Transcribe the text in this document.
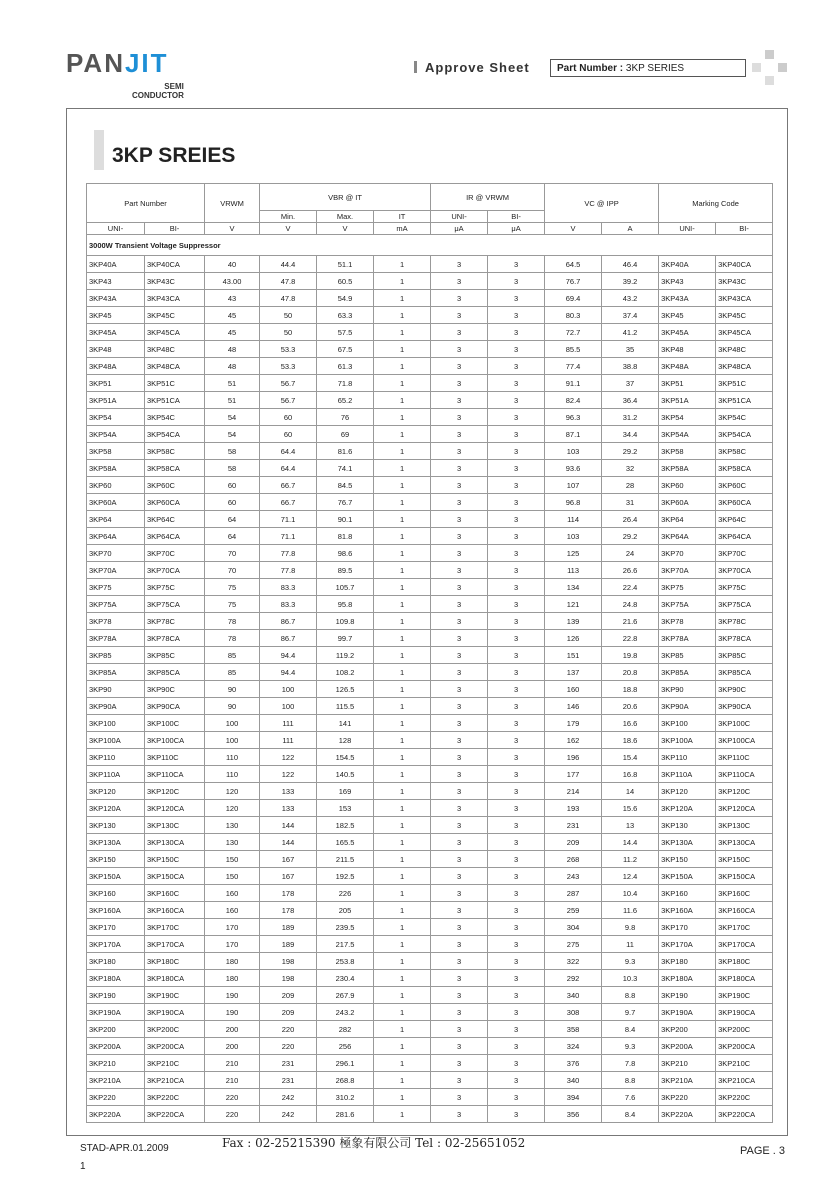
PANJIT
SEMI
CONDUCTOR
Approve Sheet	Part Number : 3KP SERIES
3KP SREIES
Part Number		VRWM	VBR @ IT			IR @ VRWM		VC @ IPP		Marking Code	
			Min.	Max.	IT	UNI-	BI-				
UNI-	BI-	V	V	V	mA	μA	μA	V	A	UNI-	BI-
3000W Transient Voltage Suppressor											
3KP40A	3KP40CA	40	44.4	51.1	1	3	3	64.5	46.4	3KP40A	3KP40CA
3KP43	3KP43C	43.00	47.8	60.5	1	3	3	76.7	39.2	3KP43	3KP43C
3KP43A	3KP43CA	43	47.8	54.9	1	3	3	69.4	43.2	3KP43A	3KP43CA
3KP45	3KP45C	45	50	63.3	1	3	3	80.3	37.4	3KP45	3KP45C
3KP45A	3KP45CA	45	50	57.5	1	3	3	72.7	41.2	3KP45A	3KP45CA
3KP48	3KP48C	48	53.3	67.5	1	3	3	85.5	35	3KP48	3KP48C
3KP48A	3KP48CA	48	53.3	61.3	1	3	3	77.4	38.8	3KP48A	3KP48CA
3KP51	3KP51C	51	56.7	71.8	1	3	3	91.1	37	3KP51	3KP51C
3KP51A	3KP51CA	51	56.7	65.2	1	3	3	82.4	36.4	3KP51A	3KP51CA
3KP54	3KP54C	54	60	76	1	3	3	96.3	31.2	3KP54	3KP54C
3KP54A	3KP54CA	54	60	69	1	3	3	87.1	34.4	3KP54A	3KP54CA
3KP58	3KP58C	58	64.4	81.6	1	3	3	103	29.2	3KP58	3KP58C
3KP58A	3KP58CA	58	64.4	74.1	1	3	3	93.6	32	3KP58A	3KP58CA
3KP60	3KP60C	60	66.7	84.5	1	3	3	107	28	3KP60	3KP60C
3KP60A	3KP60CA	60	66.7	76.7	1	3	3	96.8	31	3KP60A	3KP60CA
3KP64	3KP64C	64	71.1	90.1	1	3	3	114	26.4	3KP64	3KP64C
3KP64A	3KP64CA	64	71.1	81.8	1	3	3	103	29.2	3KP64A	3KP64CA
3KP70	3KP70C	70	77.8	98.6	1	3	3	125	24	3KP70	3KP70C
3KP70A	3KP70CA	70	77.8	89.5	1	3	3	113	26.6	3KP70A	3KP70CA
3KP75	3KP75C	75	83.3	105.7	1	3	3	134	22.4	3KP75	3KP75C
3KP75A	3KP75CA	75	83.3	95.8	1	3	3	121	24.8	3KP75A	3KP75CA
3KP78	3KP78C	78	86.7	109.8	1	3	3	139	21.6	3KP78	3KP78C
3KP78A	3KP78CA	78	86.7	99.7	1	3	3	126	22.8	3KP78A	3KP78CA
3KP85	3KP85C	85	94.4	119.2	1	3	3	151	19.8	3KP85	3KP85C
3KP85A	3KP85CA	85	94.4	108.2	1	3	3	137	20.8	3KP85A	3KP85CA
3KP90	3KP90C	90	100	126.5	1	3	3	160	18.8	3KP90	3KP90C
3KP90A	3KP90CA	90	100	115.5	1	3	3	146	20.6	3KP90A	3KP90CA
3KP100	3KP100C	100	111	141	1	3	3	179	16.6	3KP100	3KP100C
3KP100A	3KP100CA	100	111	128	1	3	3	162	18.6	3KP100A	3KP100CA
3KP110	3KP110C	110	122	154.5	1	3	3	196	15.4	3KP110	3KP110C
3KP110A	3KP110CA	110	122	140.5	1	3	3	177	16.8	3KP110A	3KP110CA
3KP120	3KP120C	120	133	169	1	3	3	214	14	3KP120	3KP120C
3KP120A	3KP120CA	120	133	153	1	3	3	193	15.6	3KP120A	3KP120CA
3KP130	3KP130C	130	144	182.5	1	3	3	231	13	3KP130	3KP130C
3KP130A	3KP130CA	130	144	165.5	1	3	3	209	14.4	3KP130A	3KP130CA
3KP150	3KP150C	150	167	211.5	1	3	3	268	11.2	3KP150	3KP150C
3KP150A	3KP150CA	150	167	192.5	1	3	3	243	12.4	3KP150A	3KP150CA
3KP160	3KP160C	160	178	226	1	3	3	287	10.4	3KP160	3KP160C
3KP160A	3KP160CA	160	178	205	1	3	3	259	11.6	3KP160A	3KP160CA
3KP170	3KP170C	170	189	239.5	1	3	3	304	9.8	3KP170	3KP170C
3KP170A	3KP170CA	170	189	217.5	1	3	3	275	11	3KP170A	3KP170CA
3KP180	3KP180C	180	198	253.8	1	3	3	322	9.3	3KP180	3KP180C
3KP180A	3KP180CA	180	198	230.4	1	3	3	292	10.3	3KP180A	3KP180CA
3KP190	3KP190C	190	209	267.9	1	3	3	340	8.8	3KP190	3KP190C
3KP190A	3KP190CA	190	209	243.2	1	3	3	308	9.7	3KP190A	3KP190CA
3KP200	3KP200C	200	220	282	1	3	3	358	8.4	3KP200	3KP200C
3KP200A	3KP200CA	200	220	256	1	3	3	324	9.3	3KP200A	3KP200CA
3KP210	3KP210C	210	231	296.1	1	3	3	376	7.8	3KP210	3KP210C
3KP210A	3KP210CA	210	231	268.8	1	3	3	340	8.8	3KP210A	3KP210CA
3KP220	3KP220C	220	242	310.2	1	3	3	394	7.6	3KP220	3KP220C
3KP220A	3KP220CA	220	242	281.6	1	3	3	356	8.4	3KP220A	3KP220CA
STAD-APR.01.2009
1
Fax : 02-25215390 極象有限公司 Tel : 02-25651052
PAGE . 3
